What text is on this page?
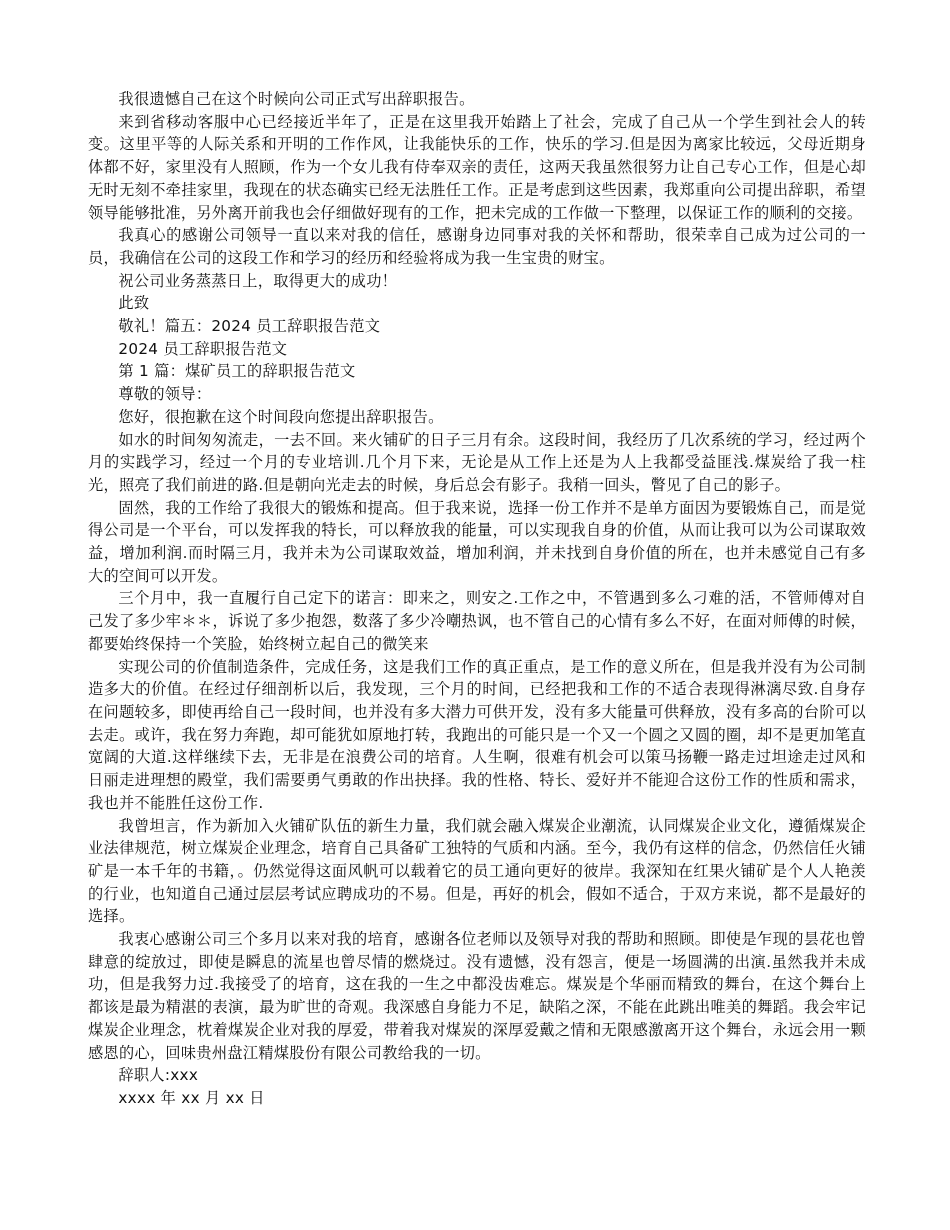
我很遗憾自己在这个时候向公司正式写出辞职报告。

来到省移动客服中心已经接近半年了，正是在这里我开始踏上了社会，完成了自己从一个学生到社会人的转变。这里平等的人际关系和开明的工作作风，让我能快乐的工作，快乐的学习.但是因为离家比较远，父母近期身体都不好，家里没有人照顾，作为一个女儿我有侍奉双亲的责任，这两天我虽然很努力让自己专心工作，但是心却无时无刻不牵挂家里，我现在的状态确实已经无法胜任工作。正是考虑到这些因素，我郑重向公司提出辞职，希望领导能够批准，另外离开前我也会仔细做好现有的工作，把未完成的工作做一下整理，以保证工作的顺利的交接。

我真心的感谢公司领导一直以来对我的信任，感谢身边同事对我的关怀和帮助，很荣幸自己成为过公司的一员，我确信在公司的这段工作和学习的经历和经验将成为我一生宝贵的财宝。

祝公司业务蒸蒸日上，取得更大的成功！

此致

敬礼！篇五：2024 员工辞职报告范文

2024 员工辞职报告范文

第 1 篇：煤矿员工的辞职报告范文

尊敬的领导：

您好，很抱歉在这个时间段向您提出辞职报告。

如水的时间匆匆流走，一去不回。来火铺矿的日子三月有余。这段时间，我经历了几次系统的学习，经过两个月的实践学习，经过一个月的专业培训.几个月下来，无论是从工作上还是为人上我都受益匪浅.煤炭给了我一柱光，照亮了我们前进的路.但是朝向光走去的时候，身后总会有影子。我稍一回头，瞥见了自己的影子。

固然，我的工作给了我很大的锻炼和提高。但于我来说，选择一份工作并不是单方面因为要锻炼自己，而是觉得公司是一个平台，可以发挥我的特长，可以释放我的能量，可以实现我自身的价值，从而让我可以为公司谋取效益，增加利润.而时隔三月，我并未为公司谋取效益，增加利润，并未找到自身价值的所在，也并未感觉自己有多大的空间可以开发。

三个月中，我一直履行自己定下的诺言：即来之，则安之.工作之中，不管遇到多么刁难的活，不管师傅对自己发了多少牢＊＊，诉说了多少抱怨，数落了多少冷嘲热讽，也不管自己的心情有多么不好，在面对师傅的时候，都要始终保持一个笑脸，始终树立起自己的微笑来

实现公司的价值制造条件，完成任务，这是我们工作的真正重点，是工作的意义所在，但是我并没有为公司制造多大的价值。在经过仔细剖析以后，我发现，三个月的时间，已经把我和工作的不适合表现得淋漓尽致.自身存在问题较多，即使再给自己一段时间，也并没有多大潜力可供开发，没有多大能量可供释放，没有多高的台阶可以去走。或许，我在努力奔跑，却可能犹如原地打转，我跑出的可能只是一个又一个圆之又圆的圈，却不是更加笔直宽阔的大道.这样继续下去，无非是在浪费公司的培育。人生啊，很难有机会可以策马扬鞭一路走过坦途走过风和日丽走进理想的殿堂，我们需要勇气勇敢的作出抉择。我的性格、特长、爱好并不能迎合这份工作的性质和需求，我也并不能胜任这份工作.

我曾坦言，作为新加入火铺矿队伍的新生力量，我们就会融入煤炭企业潮流，认同煤炭企业文化，遵循煤炭企业法律规范，树立煤炭企业理念，培育自己具备矿工独特的气质和内涵。至今，我仍有这样的信念，仍然信任火铺矿是一本千年的书籍，。仍然觉得这面风帆可以载着它的员工通向更好的彼岸。我深知在红果火铺矿是个人人艳羡的行业，也知道自己通过层层考试应聘成功的不易。但是，再好的机会，假如不适合，于双方来说，都不是最好的选择。

我衷心感谢公司三个多月以来对我的培育，感谢各位老师以及领导对我的帮助和照顾。即使是乍现的昙花也曾肆意的绽放过，即使是瞬息的流星也曾尽情的燃烧过。没有遗憾，没有怨言，便是一场圆满的出演.虽然我并未成功，但是我努力过.我接受了的培育，这在我的一生之中都没齿难忘。煤炭是个华丽而精致的舞台，在这个舞台上都该是最为精湛的表演，最为旷世的奇观。我深感自身能力不足，缺陷之深，不能在此跳出唯美的舞蹈。我会牢记煤炭企业理念，枕着煤炭企业对我的厚爱，带着我对煤炭的深厚爱戴之情和无限感激离开这个舞台，永远会用一颗感恩的心，回味贵州盘江精煤股份有限公司教给我的一切。

辞职人:xxx

xxxx 年 xx 月 xx 日
